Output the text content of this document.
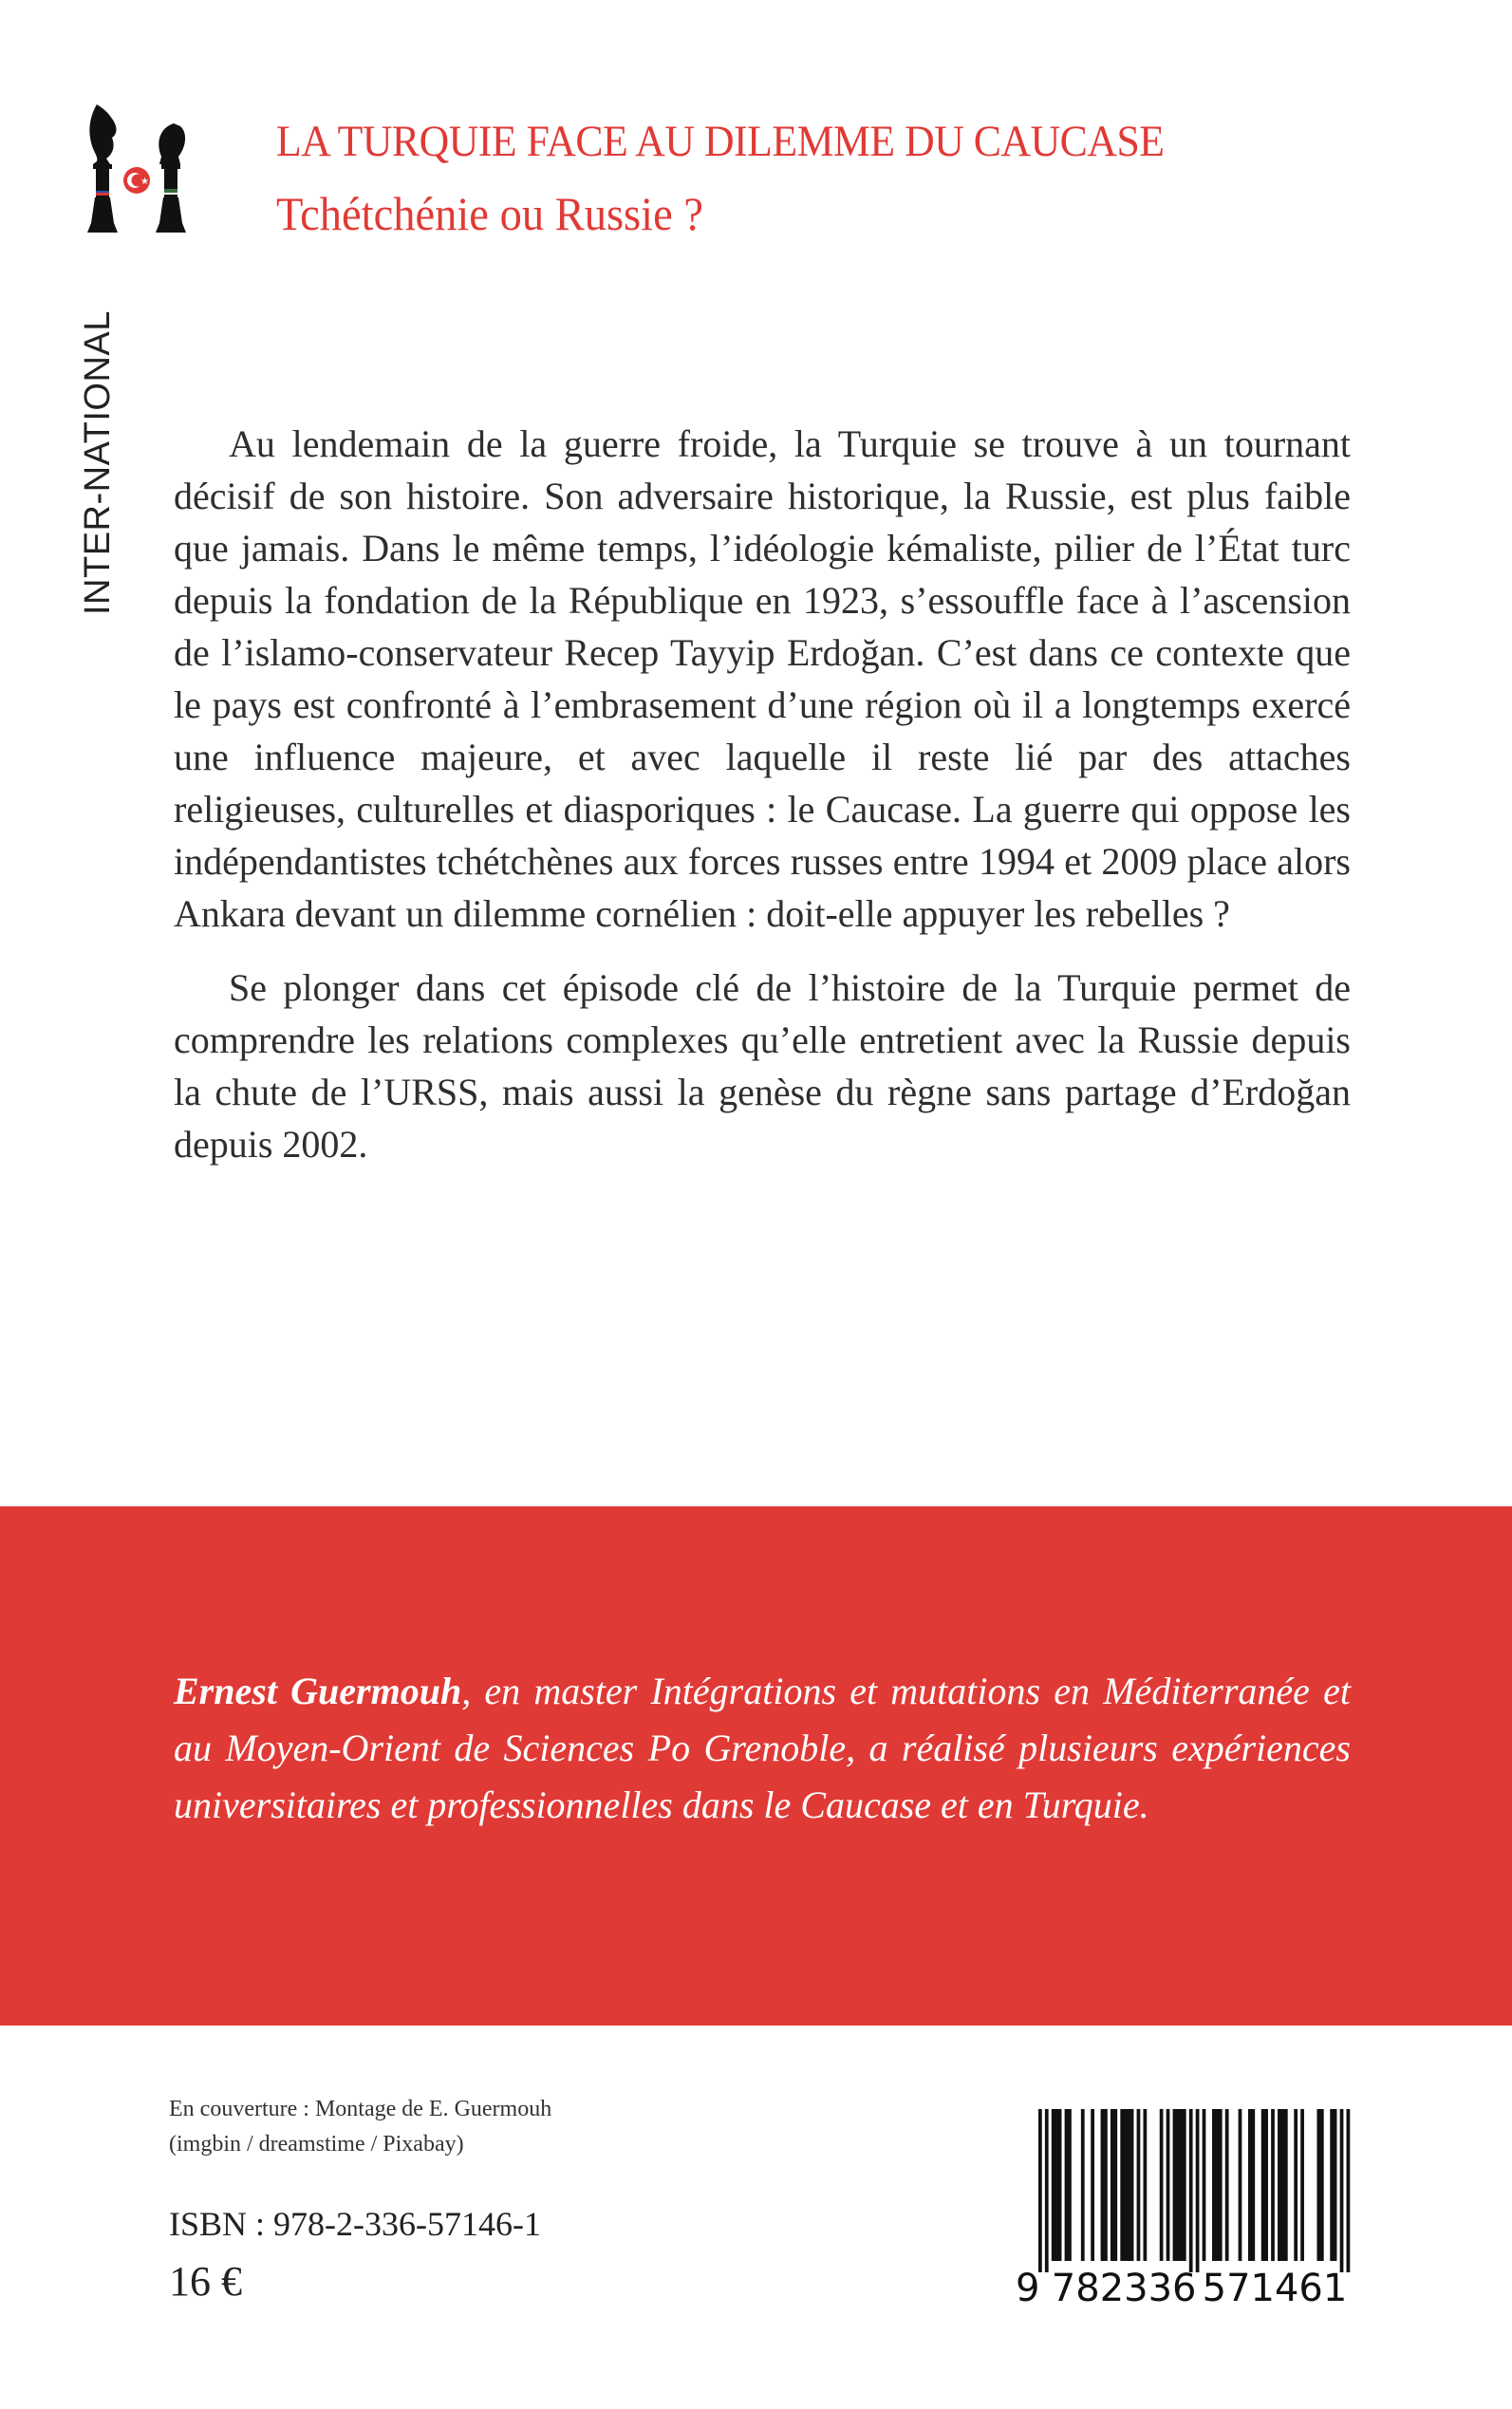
★
LA TURQUIE FACE AU DILEMME DU CAUCASE
Tchétchénie ou Russie ?
INTER-NATIONAL	Au lendemain de la guerre froide, la Turquie se trouve à un tournant décisif de son histoire. Son adversaire historique, la Russie, est plus faible que jamais. Dans le même temps, l’idéologie kémaliste, pilier de l’État turc depuis la fondation de la République en 1923, s’essouffle face à l’ascension de l’islamo-conservateur Recep Tayyip Erdoğan. C’est dans ce contexte que le pays est confronté à l’embrasement d’une région où il a longtemps exercé une influence majeure, et avec laquelle il reste lié par des attaches religieuses, culturelles et diasporiques : le Caucase. La guerre qui oppose les indépendantistes tchétchènes aux forces russes entre 1994 et 2009 place alors Ankara devant un dilemme cornélien : doit-elle appuyer les rebelles ?

Se plonger dans cet épisode clé de l’histoire de la Turquie permet de comprendre les relations complexes qu’elle entretient avec la Russie depuis la chute de l’URSS, mais aussi la genèse du règne sans partage d’Erdoğan depuis 2002.

Ernest Guermouh, en master Intégrations et mutations en Méditerranée et au Moyen-Orient de Sciences Po Grenoble, a réalisé plusieurs expériences universitaires et professionnelles dans le Caucase et en Turquie.
En couverture : Montage de E. Guermouh
(imgbin / dreamstime / Pixabay)
ISBN : 978-2-336-57146-1
16 €	9 782336 571461
